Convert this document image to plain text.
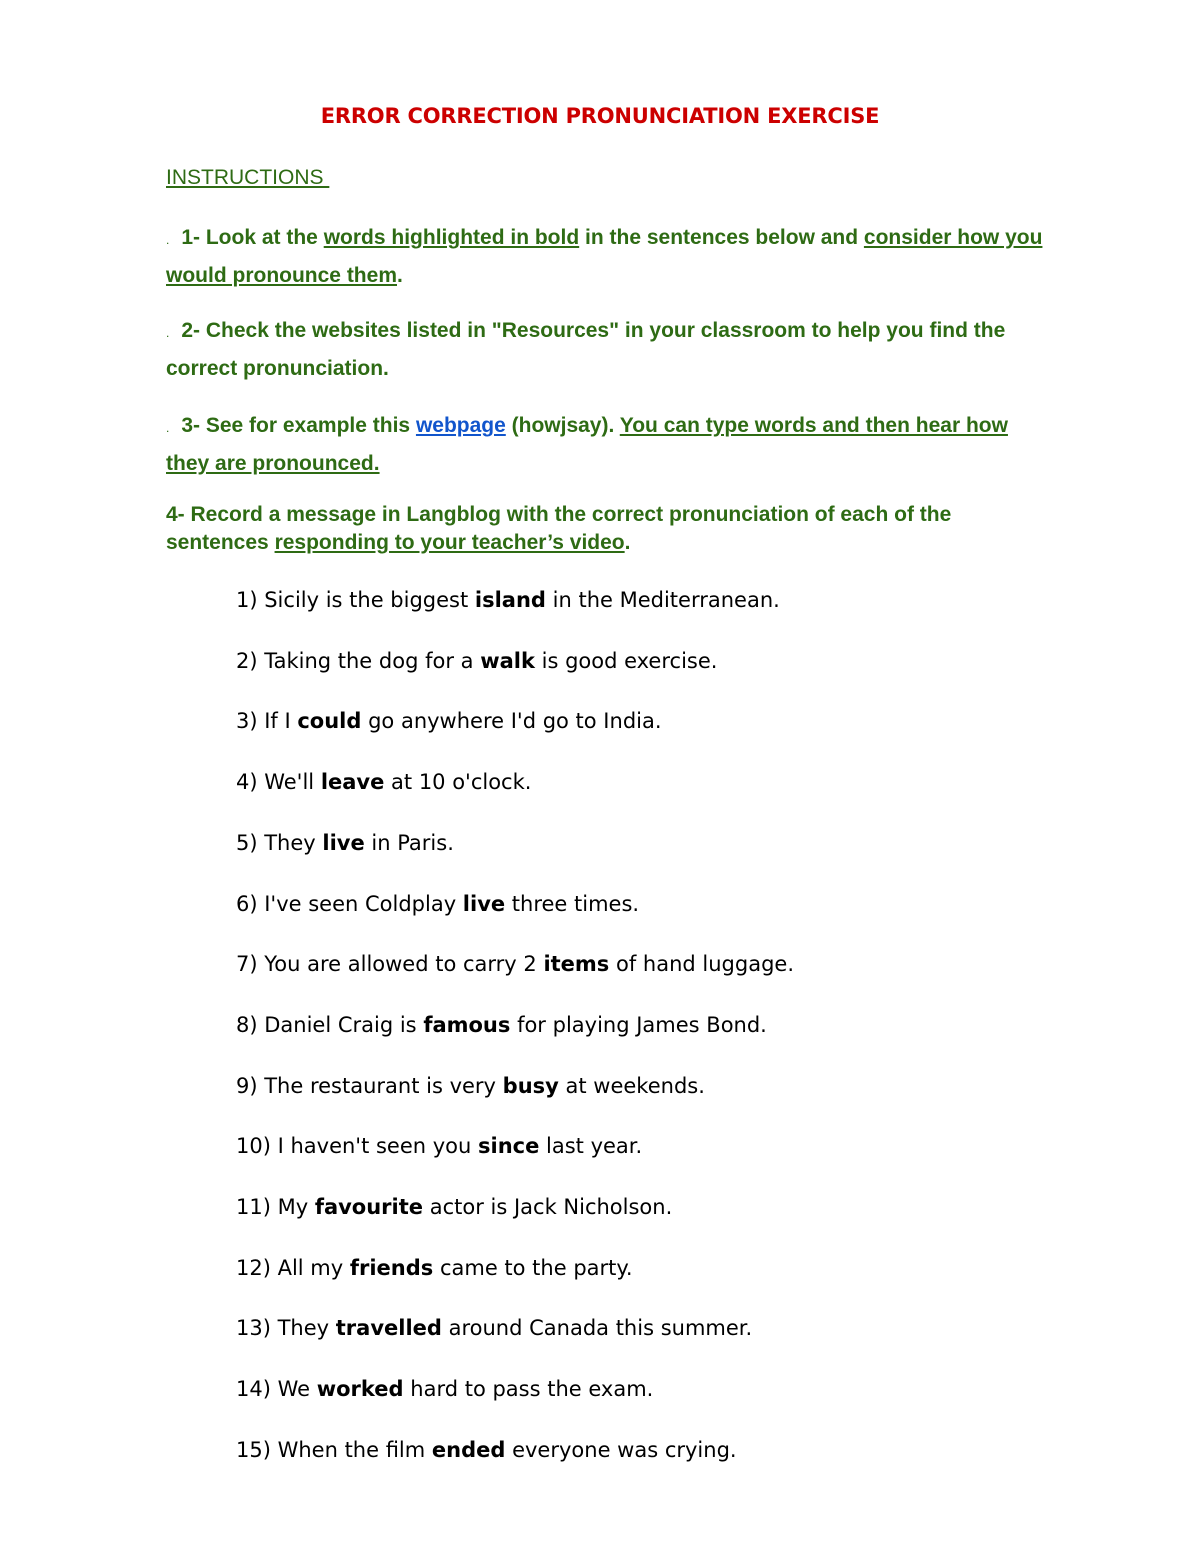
ERROR CORRECTION PRONUNCIATION EXERCISE
INSTRUCTIONS

. 1- Look at the words highlighted in bold in the sentences below and consider how you would pronounce them.

. 2- Check the websites listed in "Resources" in your classroom to help you find the correct pronunciation.

. 3- See for example this webpage (howjsay). You can type words and then hear how they are pronounced.

4- Record a message in Langblog with the correct pronunciation of each of the sentences responding to your teacher’s video.

1) Sicily is the biggest island in the Mediterranean.

2) Taking the dog for a walk is good exercise.

3) If I could go anywhere I'd go to India.

4) We'll leave at 10 o'clock.

5) They live in Paris.

6) I've seen Coldplay live three times.

7) You are allowed to carry 2 items of hand luggage.

8) Daniel Craig is famous for playing James Bond.

9) The restaurant is very busy at weekends.

10) I haven't seen you since last year.

11) My favourite actor is Jack Nicholson.

12) All my friends came to the party.

13) They travelled around Canada this summer.

14) We worked hard to pass the exam.

15) When the film ended everyone was crying.
